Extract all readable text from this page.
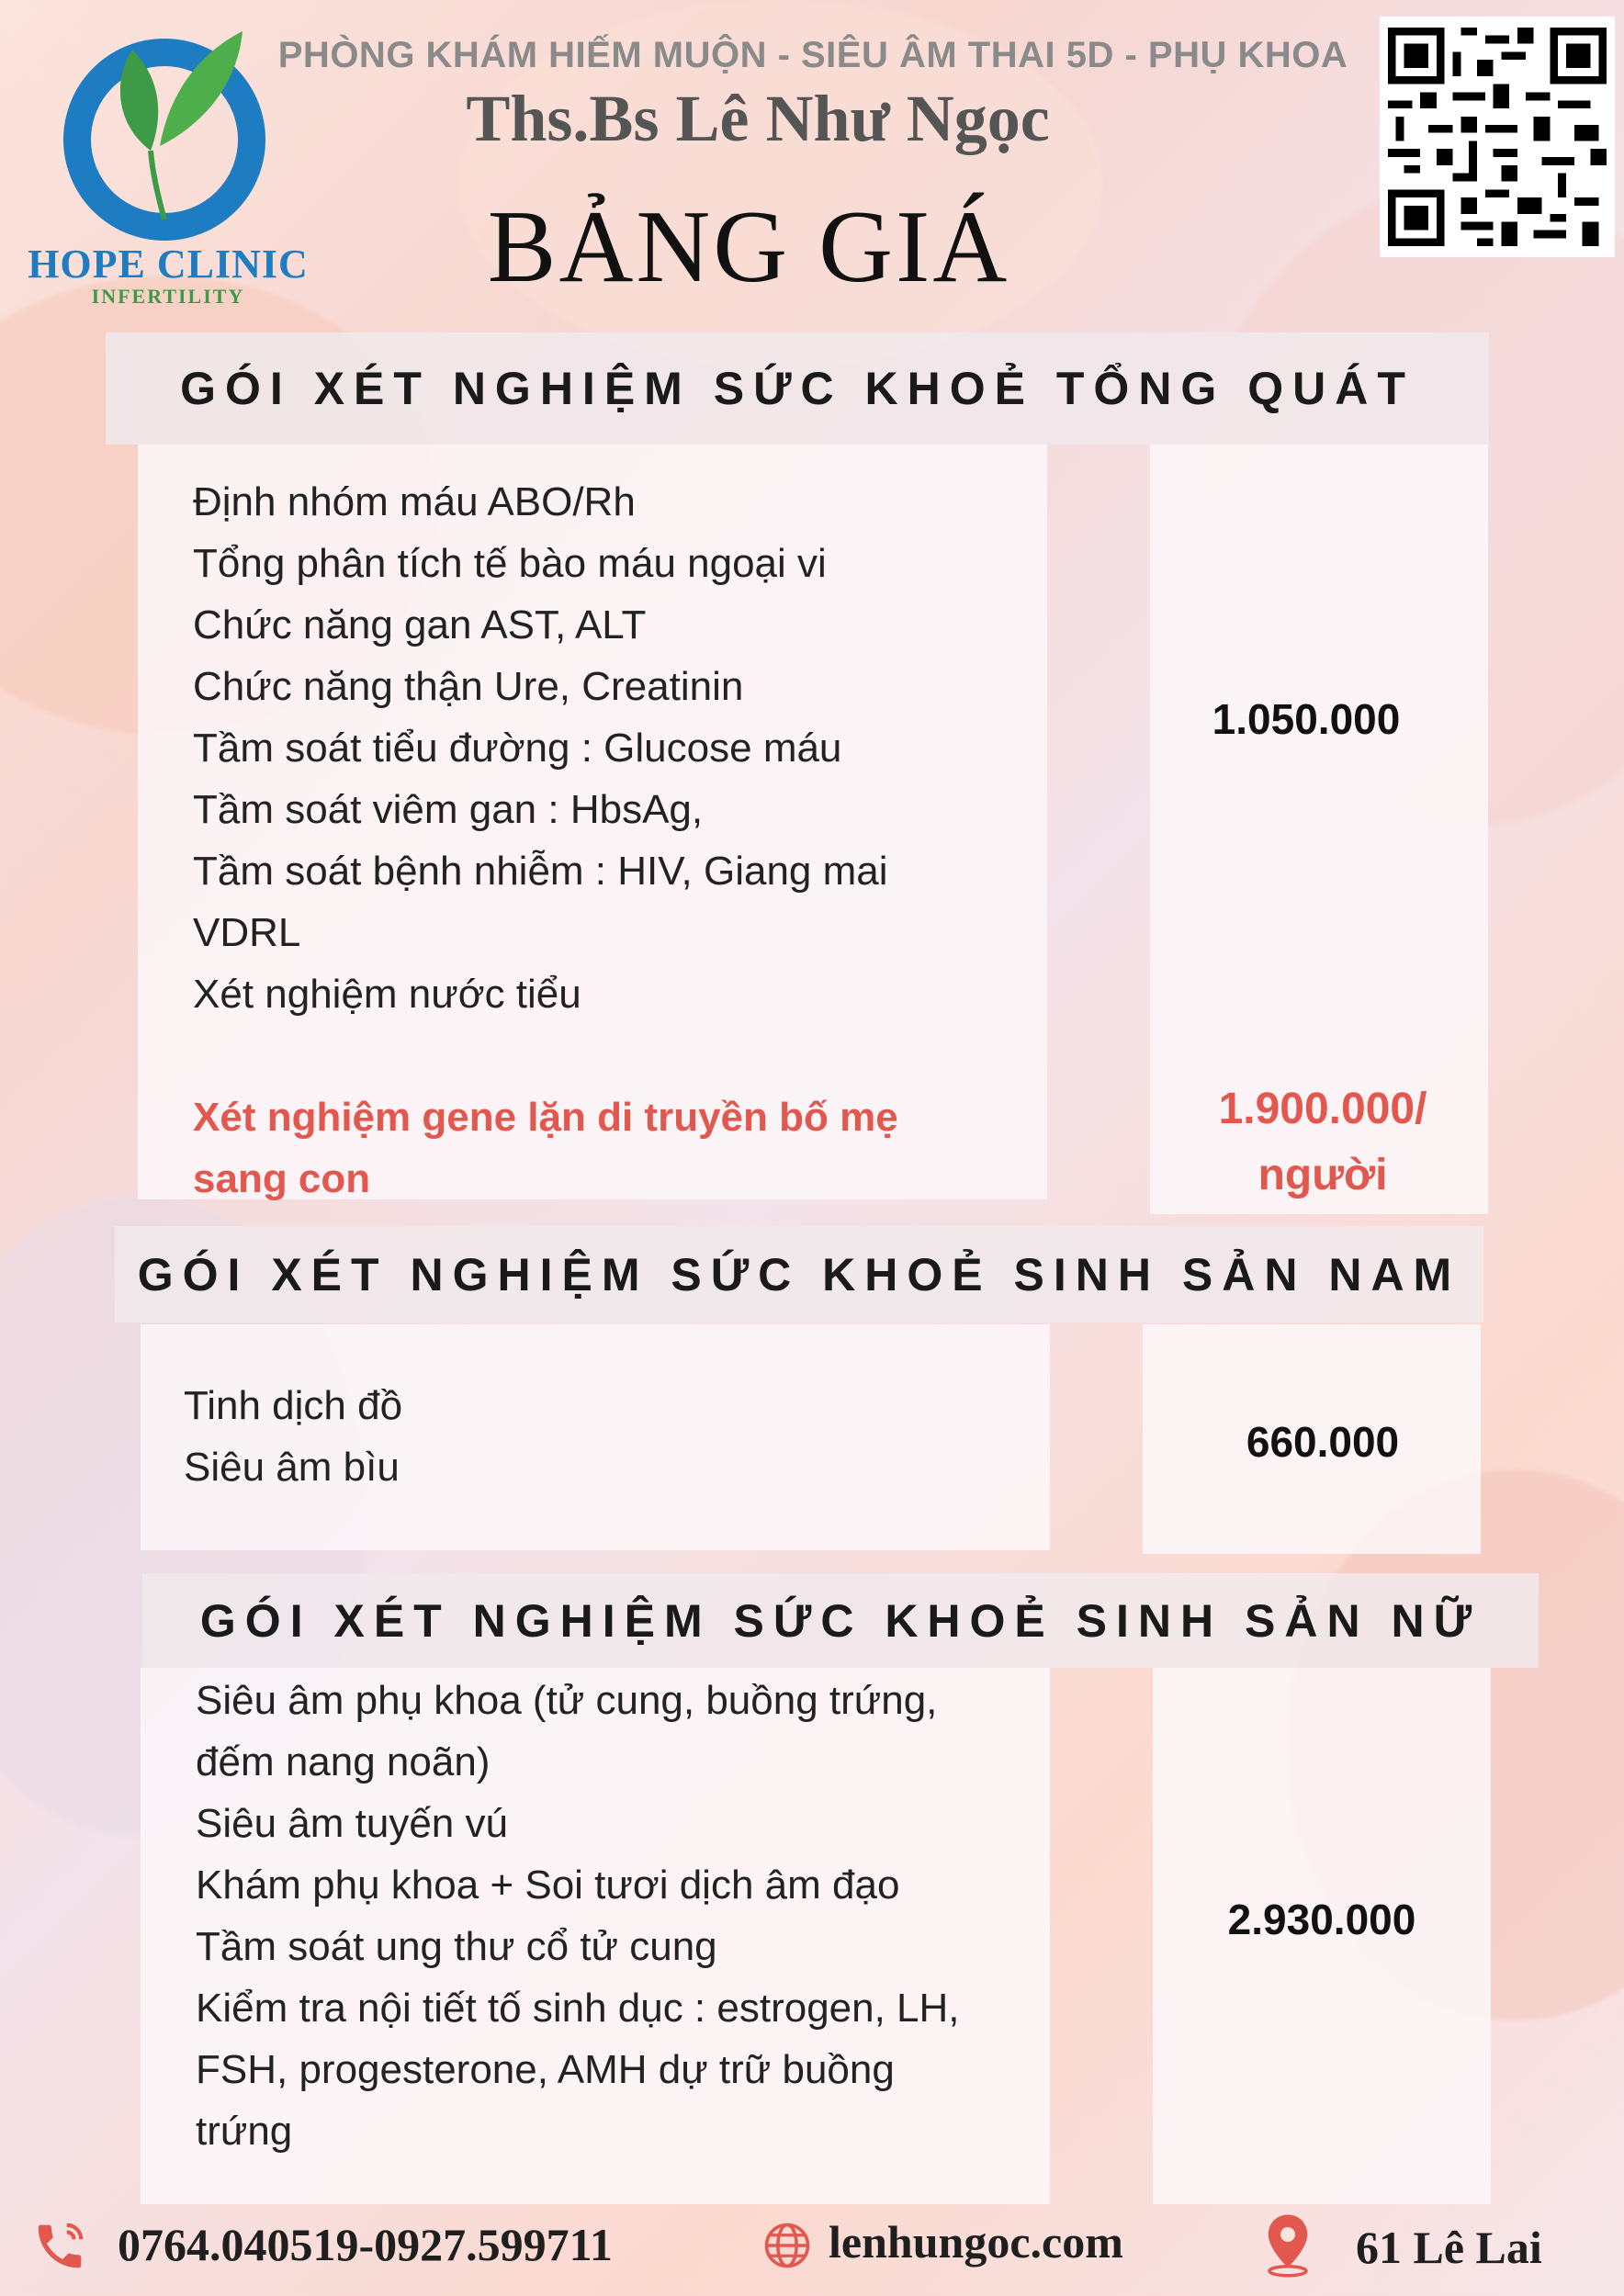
HOPE CLINIC
INFERTILITY
PHÒNG KHÁM HIẾM MUỘN - SIÊU ÂM THAI 5D - PHỤ KHOA
Ths.Bs Lê Như Ngọc
BẢNG GIÁ
GÓI XÉT NGHIỆM SỨC KHOẺ TỔNG QUÁT
Định nhóm máu ABO/Rh
Tổng phân tích tế bào máu ngoại vi
Chức năng gan AST, ALT
Chức năng thận Ure, Creatinin
Tầm soát tiểu đường : Glucose máu
Tầm soát viêm gan : HbsAg,
Tầm soát bệnh nhiễm : HIV, Giang mai
VDRL
Xét nghiệm nước tiểu
1.050.000
Xét nghiệm gene lặn di truyền bố mẹ
sang con
1.900.000/
người
GÓI XÉT NGHIỆM SỨC KHOẺ SINH SẢN NAM
Tinh dịch đồ
Siêu âm bìu
660.000
GÓI XÉT NGHIỆM SỨC KHOẺ SINH SẢN NỮ
Siêu âm phụ khoa (tử cung, buồng trứng,
đếm nang noãn)
Siêu âm tuyến vú
Khám phụ khoa + Soi tươi dịch âm đạo
Tầm soát ung thư cổ tử cung
Kiểm tra nội tiết tố sinh dục : estrogen, LH,
FSH, progesterone, AMH dự trữ buồng
trứng
2.930.000
0764.040519-0927.599711	lenhungoc.com	61 Lê Lai
